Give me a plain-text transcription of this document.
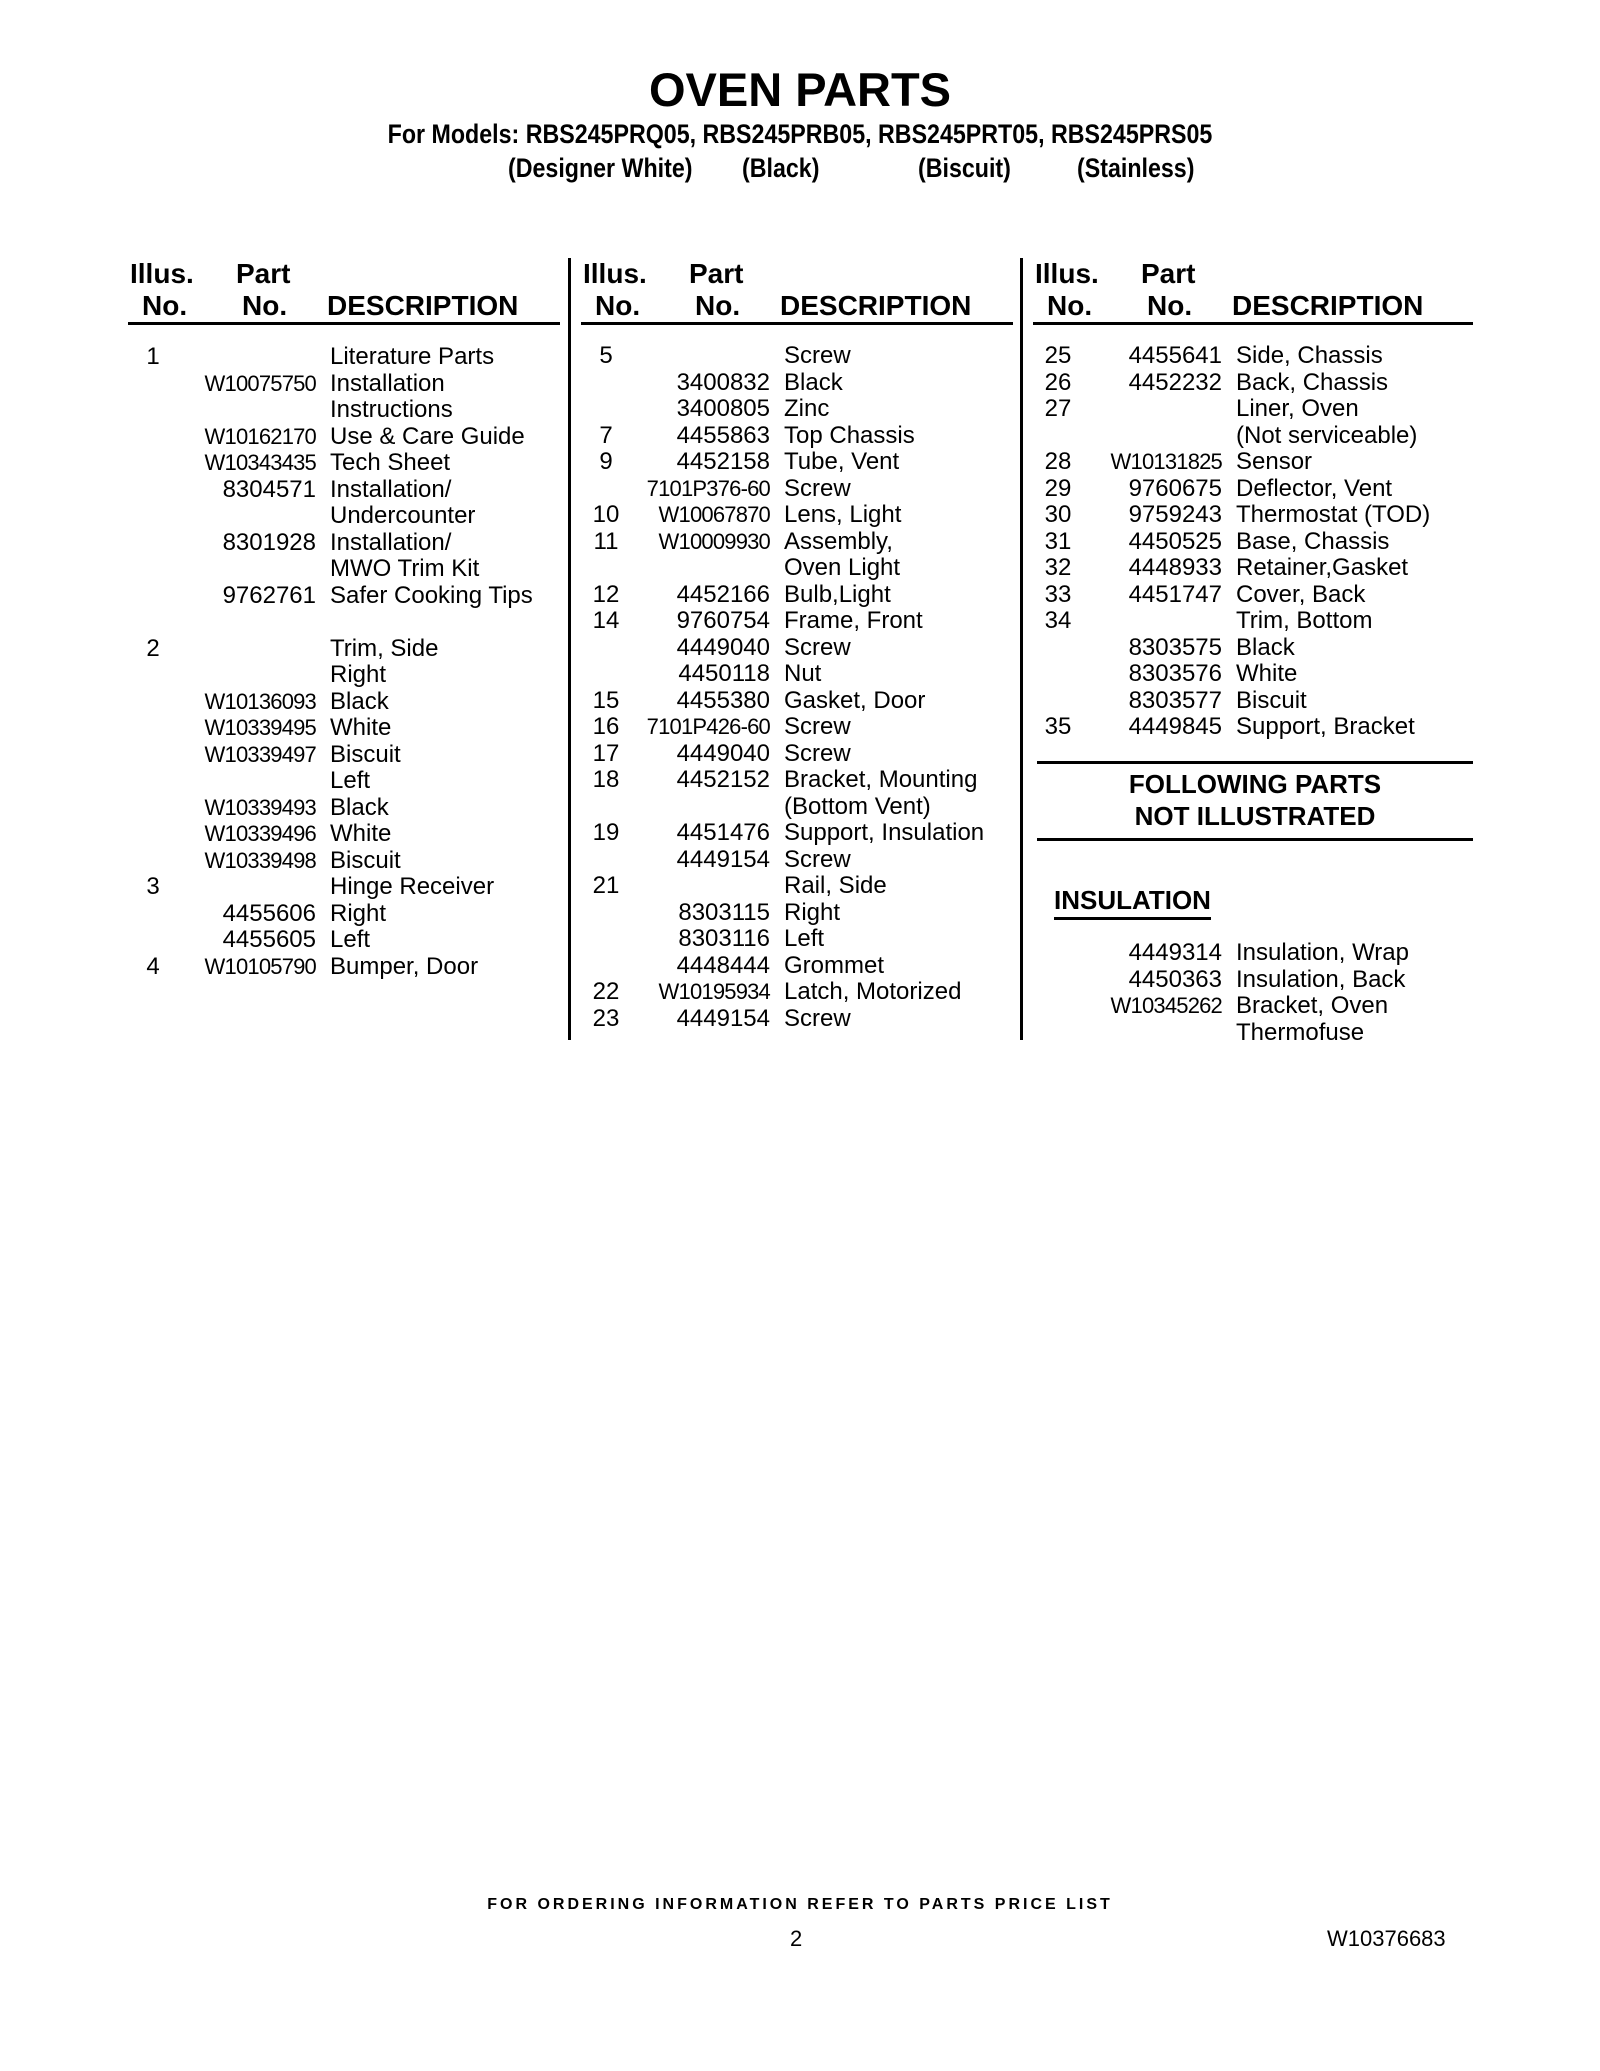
OVEN PARTS
For Models: RBS245PRQ05, RBS245PRB05, RBS245PRT05, RBS245PRS05
(Designer White) (Black)	(Biscuit) (Stainless)
Illus.
No.
Part
No. DESCRIPTION
Illus.
No.
Part
No. DESCRIPTION
Illus.
No.
Part
No. DESCRIPTION
1	Literature Parts
W10075750 Installation
Instructions
W10162170 Use & Care Guide
W10343435 Tech Sheet
8304571 Installation/
Undercounter
8301928 Installation/
MWO Trim Kit
9762761 Safer Cooking Tips
2	Trim, Side
Right
W10136093 Black
W10339495 White
W10339497 Biscuit
Left
W10339493 Black
W10339496 White
W10339498 Biscuit
3	Hinge Receiver
4455606 Right
4455605 Left
4	W10105790 Bumper, Door
5	Screw
3400832 Black
3400805 Zinc
7	4455863 Top Chassis
9	4452158 Tube, Vent
7101P376-60 Screw
10	W10067870 Lens, Light
11	W10009930 Assembly,
Oven Light
12	4452166 Bulb,Light
14	9760754 Frame, Front
4449040 Screw
4450118 Nut
15	4455380 Gasket, Door
16	7101P426-60 Screw
17	4449040 Screw
18	4452152 Bracket, Mounting
(Bottom Vent)
19	4451476 Support, Insulation
4449154 Screw
21	Rail, Side
8303115 Right
8303116 Left
4448444 Grommet
22	W10195934 Latch, Motorized
23	4449154 Screw
25	4455641 Side, Chassis
26	4452232 Back, Chassis
27	Liner, Oven
(Not serviceable)
28	W10131825 Sensor
29	9760675 Deflector, Vent
30	9759243 Thermostat (TOD)
31	4450525 Base, Chassis
32	4448933 Retainer,Gasket
33	4451747 Cover, Back
34	Trim, Bottom
8303575 Black
8303576 White
8303577 Biscuit
35	4449845 Support, Bracket
FOLLOWING PARTS
NOT ILLUSTRATED
INSULATION
4449314 Insulation, Wrap
4450363 Insulation, Back
W10345262 Bracket, Oven
Thermofuse
FOR ORDERING INFORMATION REFER TO PARTS PRICE LIST
2	W10376683
